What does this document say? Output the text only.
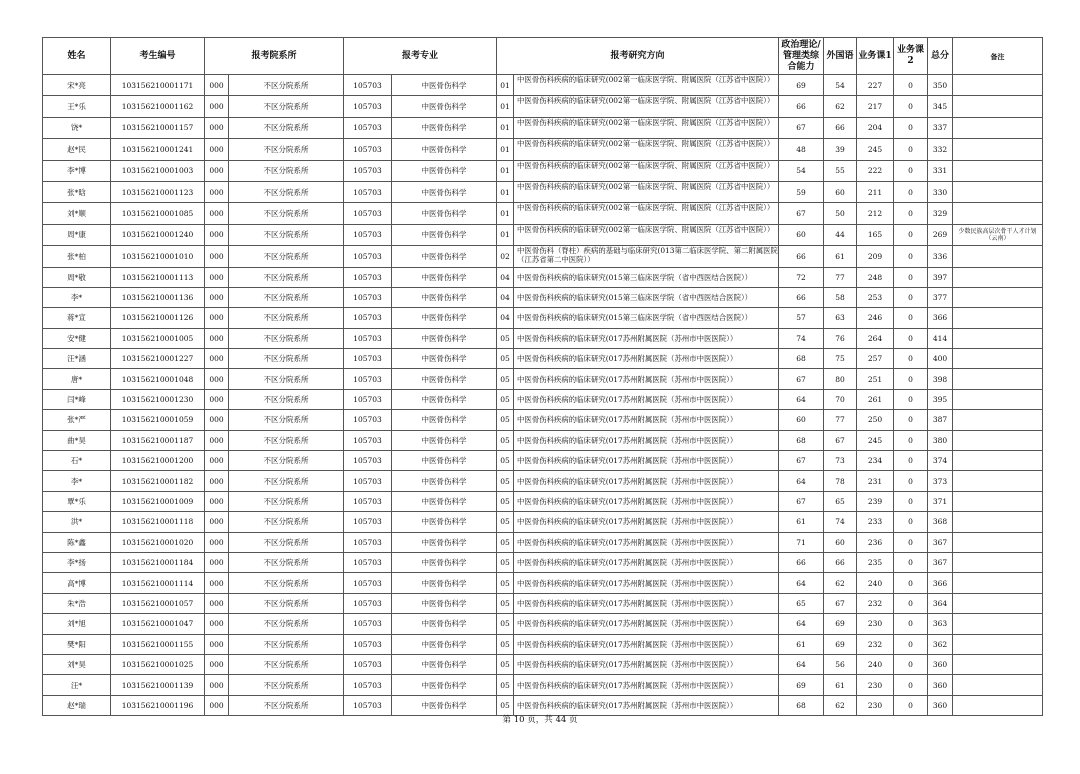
姓名	考生编号	报考院系所		报考专业		报考研究方向		政治理论/管理类综合能力	外国语	业务课1	业务课2	总分	备注
宋*亮	103156210001171	000	不区分院系所	105703	中医骨伤科学	01	中医骨伤科疾病的临床研究(002第一临床医学院、附属医院（江苏省中医院））	69	54	227	0	350	
王*乐	103156210001162	000	不区分院系所	105703	中医骨伤科学	01	中医骨伤科疾病的临床研究(002第一临床医学院、附属医院（江苏省中医院））	66	62	217	0	345	
饶*	103156210001157	000	不区分院系所	105703	中医骨伤科学	01	中医骨伤科疾病的临床研究(002第一临床医学院、附属医院（江苏省中医院））	67	66	204	0	337	
赵*民	103156210001241	000	不区分院系所	105703	中医骨伤科学	01	中医骨伤科疾病的临床研究(002第一临床医学院、附属医院（江苏省中医院））	48	39	245	0	332	
李*博	103156210001003	000	不区分院系所	105703	中医骨伤科学	01	中医骨伤科疾病的临床研究(002第一临床医学院、附属医院（江苏省中医院））	54	55	222	0	331	
张*晗	103156210001123	000	不区分院系所	105703	中医骨伤科学	01	中医骨伤科疾病的临床研究(002第一临床医学院、附属医院（江苏省中医院））	59	60	211	0	330	
刘*顺	103156210001085	000	不区分院系所	105703	中医骨伤科学	01	中医骨伤科疾病的临床研究(002第一临床医学院、附属医院（江苏省中医院））	67	50	212	0	329	
周*康	103156210001240	000	不区分院系所	105703	中医骨伤科学	01	中医骨伤科疾病的临床研究(002第一临床医学院、附属医院（江苏省中医院））	60	44	165	0	269	少数民族高层次骨干人才计划（云南）
张*柏	103156210001010	000	不区分院系所	105703	中医骨伤科学	02	中医骨伤科（脊柱）疾病的基础与临床研究(013第二临床医学院、第二附属医院（江苏省第二中医院））	66	61	209	0	336	
周*敬	103156210001113	000	不区分院系所	105703	中医骨伤科学	04	中医骨伤科疾病的临床研究(015第三临床医学院（省中西医结合医院））	72	77	248	0	397	
李*	103156210001136	000	不区分院系所	105703	中医骨伤科学	04	中医骨伤科疾病的临床研究(015第三临床医学院（省中西医结合医院））	66	58	253	0	377	
蒋*宣	103156210001126	000	不区分院系所	105703	中医骨伤科学	04	中医骨伤科疾病的临床研究(015第三临床医学院（省中西医结合医院））	57	63	246	0	366	
安*健	103156210001005	000	不区分院系所	105703	中医骨伤科学	05	中医骨伤科疾病的临床研究(017苏州附属医院（苏州市中医医院））	74	76	264	0	414	
汪*涵	103156210001227	000	不区分院系所	105703	中医骨伤科学	05	中医骨伤科疾病的临床研究(017苏州附属医院（苏州市中医医院））	68	75	257	0	400	
唐*	103156210001048	000	不区分院系所	105703	中医骨伤科学	05	中医骨伤科疾病的临床研究(017苏州附属医院（苏州市中医医院））	67	80	251	0	398	
闫*峰	103156210001230	000	不区分院系所	105703	中医骨伤科学	05	中医骨伤科疾病的临床研究(017苏州附属医院（苏州市中医医院））	64	70	261	0	395	
张*严	103156210001059	000	不区分院系所	105703	中医骨伤科学	05	中医骨伤科疾病的临床研究(017苏州附属医院（苏州市中医医院））	60	77	250	0	387	
曲*昊	103156210001187	000	不区分院系所	105703	中医骨伤科学	05	中医骨伤科疾病的临床研究(017苏州附属医院（苏州市中医医院））	68	67	245	0	380	
石*	103156210001200	000	不区分院系所	105703	中医骨伤科学	05	中医骨伤科疾病的临床研究(017苏州附属医院（苏州市中医医院））	67	73	234	0	374	
李*	103156210001182	000	不区分院系所	105703	中医骨伤科学	05	中医骨伤科疾病的临床研究(017苏州附属医院（苏州市中医医院））	64	78	231	0	373	
覃*乐	103156210001009	000	不区分院系所	105703	中医骨伤科学	05	中医骨伤科疾病的临床研究(017苏州附属医院（苏州市中医医院））	67	65	239	0	371	
洪*	103156210001118	000	不区分院系所	105703	中医骨伤科学	05	中医骨伤科疾病的临床研究(017苏州附属医院（苏州市中医医院））	61	74	233	0	368	
陈*鑫	103156210001020	000	不区分院系所	105703	中医骨伤科学	05	中医骨伤科疾病的临床研究(017苏州附属医院（苏州市中医医院））	71	60	236	0	367	
李*扬	103156210001184	000	不区分院系所	105703	中医骨伤科学	05	中医骨伤科疾病的临床研究(017苏州附属医院（苏州市中医医院））	66	66	235	0	367	
高*博	103156210001114	000	不区分院系所	105703	中医骨伤科学	05	中医骨伤科疾病的临床研究(017苏州附属医院（苏州市中医医院））	64	62	240	0	366	
朱*浩	103156210001057	000	不区分院系所	105703	中医骨伤科学	05	中医骨伤科疾病的临床研究(017苏州附属医院（苏州市中医医院））	65	67	232	0	364	
刘*旭	103156210001047	000	不区分院系所	105703	中医骨伤科学	05	中医骨伤科疾病的临床研究(017苏州附属医院（苏州市中医医院））	64	69	230	0	363	
樊*阳	103156210001155	000	不区分院系所	105703	中医骨伤科学	05	中医骨伤科疾病的临床研究(017苏州附属医院（苏州市中医医院））	61	69	232	0	362	
刘*昊	103156210001025	000	不区分院系所	105703	中医骨伤科学	05	中医骨伤科疾病的临床研究(017苏州附属医院（苏州市中医医院））	64	56	240	0	360	
汪*	103156210001139	000	不区分院系所	105703	中医骨伤科学	05	中医骨伤科疾病的临床研究(017苏州附属医院（苏州市中医医院））	69	61	230	0	360	
赵*瑞	103156210001196	000	不区分院系所	105703	中医骨伤科学	05	中医骨伤科疾病的临床研究(017苏州附属医院（苏州市中医医院））	68	62	230	0	360	
第 10 页，共 44 页
